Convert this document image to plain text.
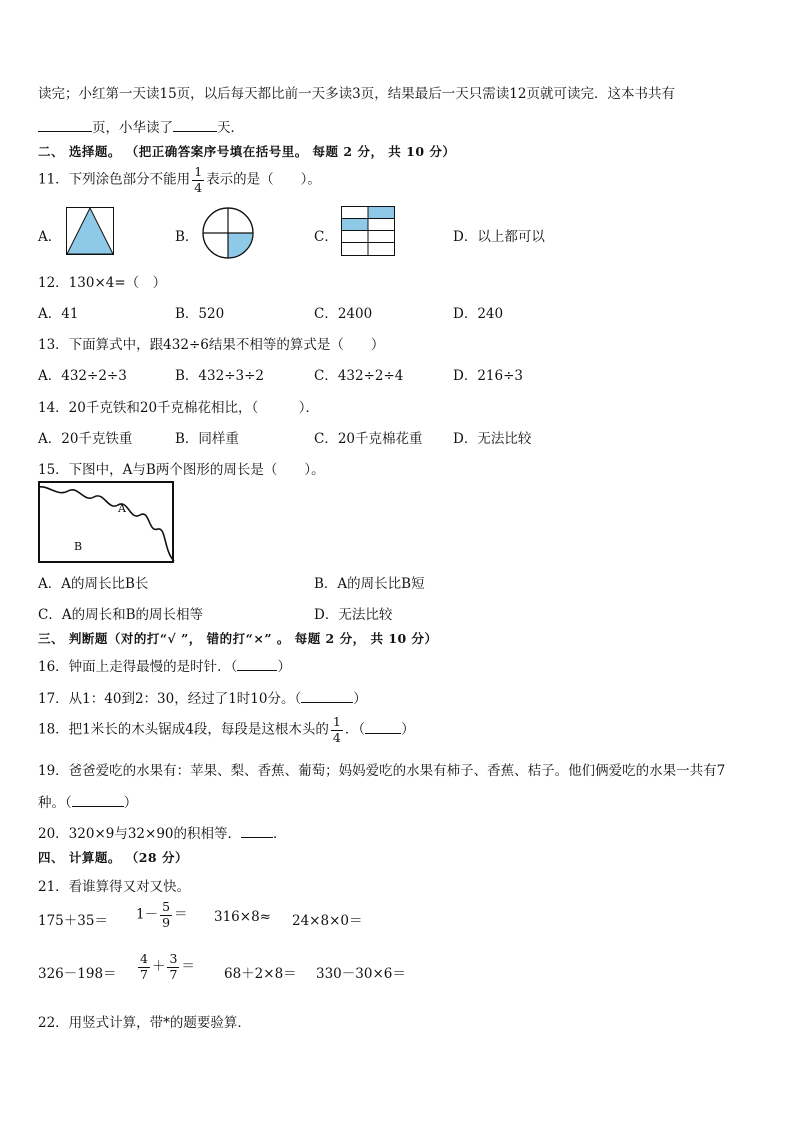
读完；小红第一天读15页，以后每天都比前一天多读3页，结果最后一天只需读12页就可读完．这本书共有
页，小华读了	天．
二、 选择题。 （把正确答案序号填在括号里。 每题 2 分， 共 10 分）
11．下列涂色部分不能用 $\frac{1}{4}$ 表示的是（　　）。
A．	B．	C．	D．以上都可以
12．130×4=（　）
A．41	B．520	C．2400	D．240
13．下面算式中，跟432÷6结果不相等的算式是（　　）
A．432÷2÷3	B．432÷3÷2	C．432÷2÷4	D．216÷3
14．20千克铁和20千克棉花相比，（　　　）．
A．20千克铁重	B．同样重	C．20千克棉花重 D．无法比较
15．下图中，A与B两个图形的周长是（　　）。
A
B
A．A的周长比B长	B．A的周长比B短
C．A的周长和B的周长相等	D．无法比较
三、 判断题（对的打“√ ”， 错的打“×” 。 每题 2 分， 共 10 分）
16．钟面上走得最慢的是时针．（	）
17．从1：40到2：30，经过了1时10分。（	）
18．把1米长的木头锯成4段，每段是这根木头的 $\frac{1}{4}$ ．（	）
19．爸爸爱吃的水果有：苹果、梨、香蕉、葡萄；妈妈爱吃的水果有柿子、香蕉、桔子。他们俩爱吃的水果一共有7
种。（	）
20．320×9与32×90的积相等． ．
四、 计算题。 （28 分）
21．看谁算得又对又快。
$175+35= 1- \frac{5}{9} = 316\times 8\approx 24\times 8\times 0=$
$326-198= \frac{4}{7} + \frac{3}{7} = 68+2\times 8= 330-30\times 6=$
22．用竖式计算，带*的题要验算．
